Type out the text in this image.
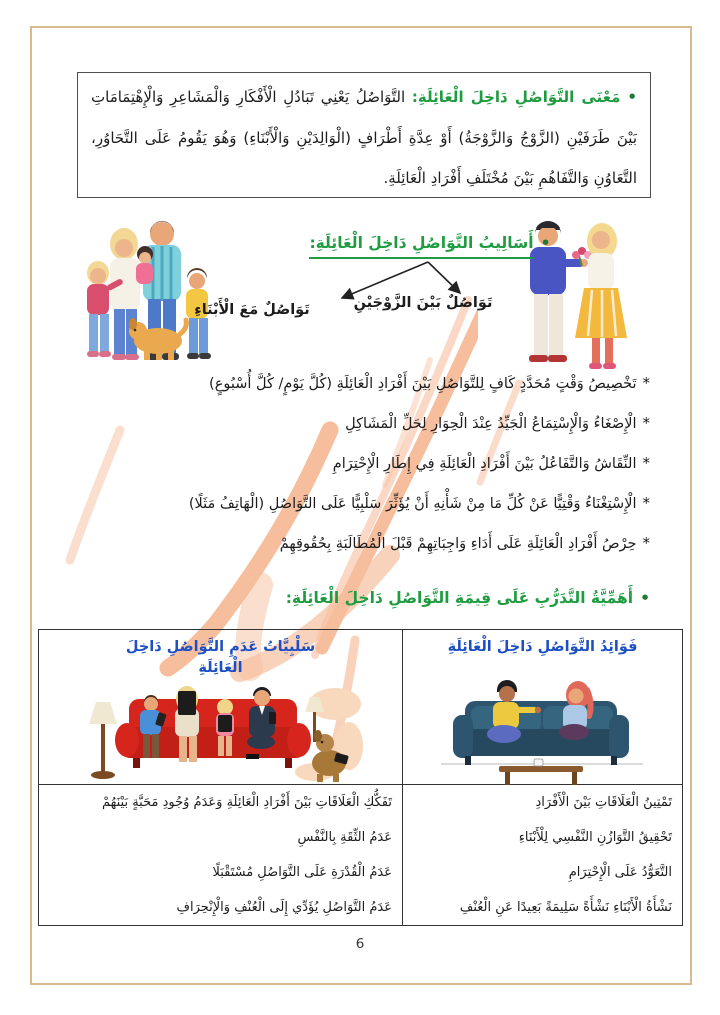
•مَعْنَى التَّوَاصُلِ دَاخِلَ الْعَائِلَةِ: التَّوَاصُلُ يَعْنِي تَبَادُلِ الْأَفْكَارِ وَالْمَشَاعِرِ وَالْإِهْتِمَامَاتِ بَيْنَ طَرَفَيْنِ (الزَّوْجُ وَالزَّوْجَةُ) أَوْ عِدَّةِ أَطْرَافٍ (الْوَالِدَيْنِ وَالْأَبْنَاءِ) وَهُوَ يَقُومُ عَلَى التَّحَاوُرِ، التَّعَاوُنِ وَالتَّفَاهُمِ بَيْنَ مُخْتَلَفِ أَفْرَادِ الْعَائِلَةِ.
•أَسَالِيبُ التَّوَاصُلِ دَاخِلَ الْعَائِلَةِ:
تَوَاصُلٌ بَيْنَ الزَّوْجَيْنِ
تَوَاصُلٌ مَعَ الْأَبْنَاءِ
*تَخْصِيصُ وَقْتٍ مُحَدَّدٍ كَافٍ لِلتَّوَاصُلِ بَيْنَ أَفْرَادِ الْعَائِلَةِ (كُلَّ يَوْمٍ/ كُلَّ أُسْبُوعٍ)
*الْإِصْغَاءُ وَالْإِسْتِمَاعُ الْجَيِّدُ عِنْدَ الْحِوَارِ لِحَلِّ الْمَشَاكِلِ
*النِّقَاشُ وَالتَّفَاعُلُ بَيْنَ أَفْرَادِ الْعَائِلَةِ فِي إِطَارِ الْإِحْتِرَامِ
*الْإِسْتِغْنَاءُ وَقْتِيًّا عَنْ كُلِّ مَا مِنْ شَأْنِهِ أَنْ يُؤَثِّرَ سَلْبِيًّا عَلَى التَّوَاصُلِ (الْهَاتِفُ مَثَلًا)
*حِرْصُ أَفْرَادِ الْعَائِلَةِ عَلَى أَدَاءِ وَاجِبَاتِهِمْ قَبْلَ الْمُطَالَبَةِ بِحُقُوقِهِمْ
•أَهَمِّيَّةُ التَّدَرُّبِ عَلَى قِيمَةِ التَّوَاصُلِ دَاخِلَ الْعَائِلَةِ:
فَوَائِدُ التَّوَاصُلِ دَاخِلَ الْعَائِلَةِ
تَمْتِينُ الْعَلَاقَاتِ بَيْنَ الْأَفْرَادِ
تَحْقِيقُ التَّوَازُنِ النَّفْسِي لِلْأَبْنَاءِ
التَّعَوُّدُ عَلَى الْإِحْتِرَامِ
نَشْأَةُ الْأَبْنَاءِ نَشْأَةً سَلِيمَةً بَعِيدًا عَنِ الْعُنْفِ
سَلْبِيَّاتُ عَدَمِ التَّوَاصُلِ دَاخِلَ الْعَائِلَةِ
تَفَكُّكِ الْعَلَاقَاتِ بَيْنَ أَفْرَادِ الْعَائِلَةِ وَعَدَمُ وُجُودِ مَحَبَّةٍ بَيْنَهُمْ
عَدَمُ الثِّقَةِ بِالنَّفْسِ
عَدَمُ الْقُدْرَةِ عَلَى التَّوَاصُلِ مُسْتَقْبَلًا
عَدَمُ التَّوَاصُلِ يُؤَدِّي إِلَى الْعُنْفِ وَالْإِنْحِرَافِ
6
